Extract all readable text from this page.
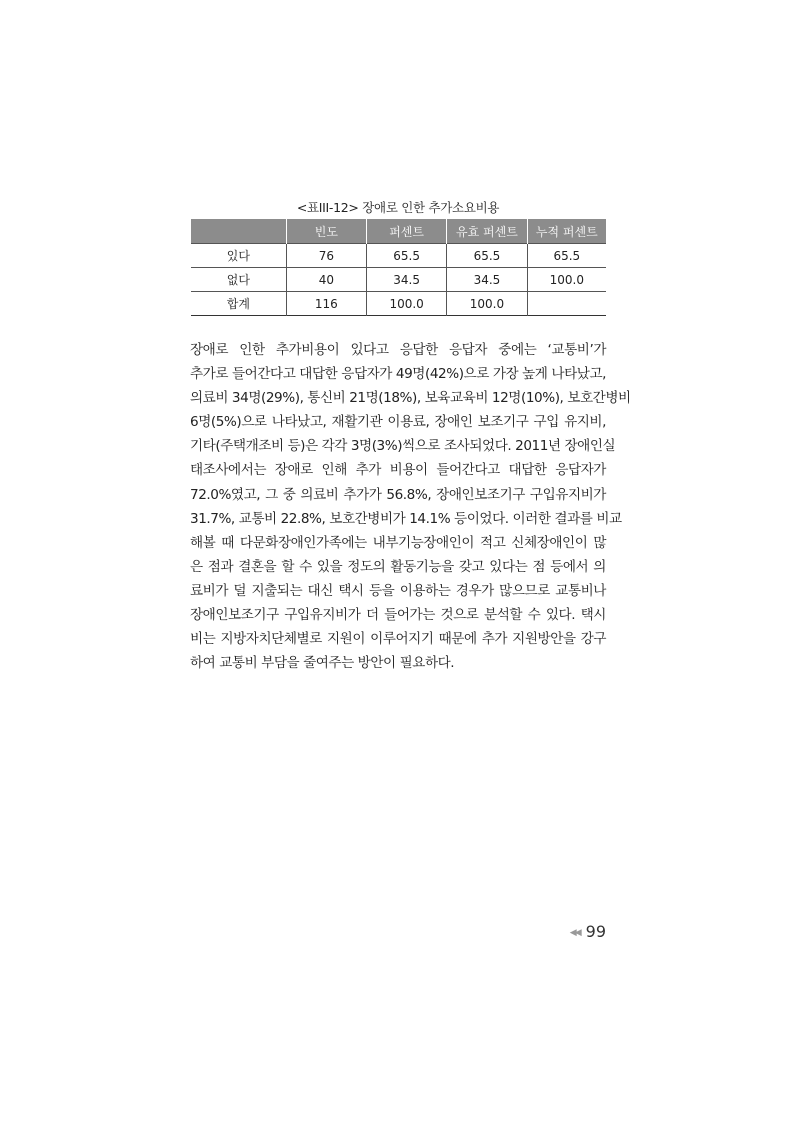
<표III-12> 장애로 인한 추가소요비용
	빈도	퍼센트	유효 퍼센트	누적 퍼센트
있다	76	65.5	65.5	65.5
없다	40	34.5	34.5	100.0
합계	116	100.0	100.0	

장애로 인한 추가비용이 있다고 응답한 응답자 중에는 ‘교통비’가
추가로 들어간다고 대답한 응답자가 49명(42%)으로 가장 높게 나타났고,
의료비 34명(29%), 통신비 21명(18%), 보육교육비 12명(10%), 보호간병비
6명(5%)으로 나타났고, 재활기관 이용료, 장애인 보조기구 구입 유지비,
기타(주택개조비 등)은 각각 3명(3%)씩으로 조사되었다. 2011년 장애인실
태조사에서는 장애로 인해 추가 비용이 들어간다고 대답한 응답자가
72.0%였고, 그 중 의료비 추가가 56.8%, 장애인보조기구 구입유지비가
31.7%, 교통비 22.8%, 보호간병비가 14.1% 등이었다. 이러한 결과를 비교
해볼 때 다문화장애인가족에는 내부기능장애인이 적고 신체장애인이 많
은 점과 결혼을 할 수 있을 정도의 활동기능을 갖고 있다는 점 등에서 의
료비가 덜 지출되는 대신 택시 등을 이용하는 경우가 많으므로 교통비나
장애인보조기구 구입유지비가 더 들어가는 것으로 분석할 수 있다. 택시
비는 지방자치단체별로 지원이 이루어지기 때문에 추가 지원방안을 강구
하여 교통비 부담을 줄여주는 방안이 필요하다.

◀◀ 99
